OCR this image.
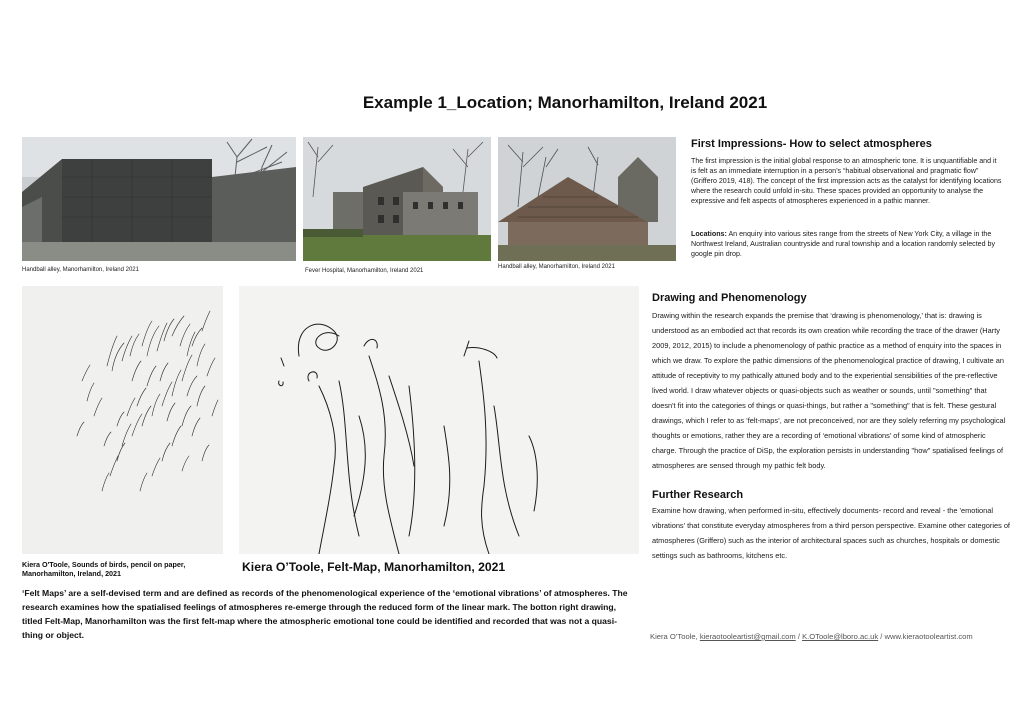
Example 1_Location; Manorhamilton, Ireland 2021
Handball alley, Manorhamilton, Ireland 2021	Fever Hospital, Manorhamilton, Ireland 2021
Handball alley, Manorhamilton, Ireland 2021
First Impressions- How to select atmospheres
The first impression is the initial global response to an atmospheric tone. It is unquantifiable and it is felt as an immediate interruption in a person’s “habitual observational and pragmatic flow” (Griffero 2019, 418). The concept of the first impression acts as the catalyst for identifying locations where the research could unfold in-situ. These spaces provided an opportunity to analyse the expressive and felt aspects of atmospheres experienced in a pathic manner.
Locations: An enquiry into various sites range from the streets of New York City, a village in the Northwest Ireland, Australian countryside and rural township and a location randomly selected by google pin drop.
Kiera O'Toole, Sounds of birds, pencil on paper, Manorhamilton, Ireland, 2021	Kiera O’Toole, Felt-Map, Manorhamilton, 2021
Drawing and Phenomenology
Drawing within the research expands the premise that ‘drawing is phenomenology,’ that is: drawing is understood as an embodied act that records its own creation while recording the trace of the drawer (Harty 2009, 2012, 2015) to include a phenomenology of pathic practice as a method of enquiry into the spaces in which we draw. To explore the pathic dimensions of the phenomenological practice of drawing, I cultivate an attitude of receptivity to my pathically attuned body and to the experiential sensibilities of the pre-reflective lived world. I draw whatever objects or quasi-objects such as weather or sounds, until "something" that doesn't fit into the categories of things or quasi-things, but rather a "something" that is felt. These gestural drawings, which I refer to as ‘felt-maps’, are not preconceived, nor are they solely referring my psychological thoughts or emotions, rather they are a recording of ‘emotional vibrations’ of some kind of atmospheric charge. Through the practice of DiSp, the exploration persists in understanding "how" spatialised feelings of atmospheres are sensed through my pathic felt body.
Further Research
Examine how drawing, when performed in-situ, effectively documents- record and reveal - the 'emotional vibrations' that constitute everyday atmospheres from a third person perspective. Examine other categories of atmospheres (Griffero) such as the interior of architectural spaces such as churches, hospitals or domestic settings such as bathrooms, kitchens etc.
‘Felt Maps’ are a self-devised term and are defined as records of the phenomenological experience of the ‘emotional vibrations’ of atmospheres. The research examines how the spatialised feelings of atmospheres re-emerge through the reduced form of the linear mark. The botton right drawing, titled Felt-Map, Manorhamilton was the first felt-map where the atmospheric emotional tone could be identified and recorded that was not a quasi-thing or object.	Kiera O’Toole, kieraotooleartist@gmail.com / K.OToole@lboro.ac.uk / www.kieraotooleartist.com
